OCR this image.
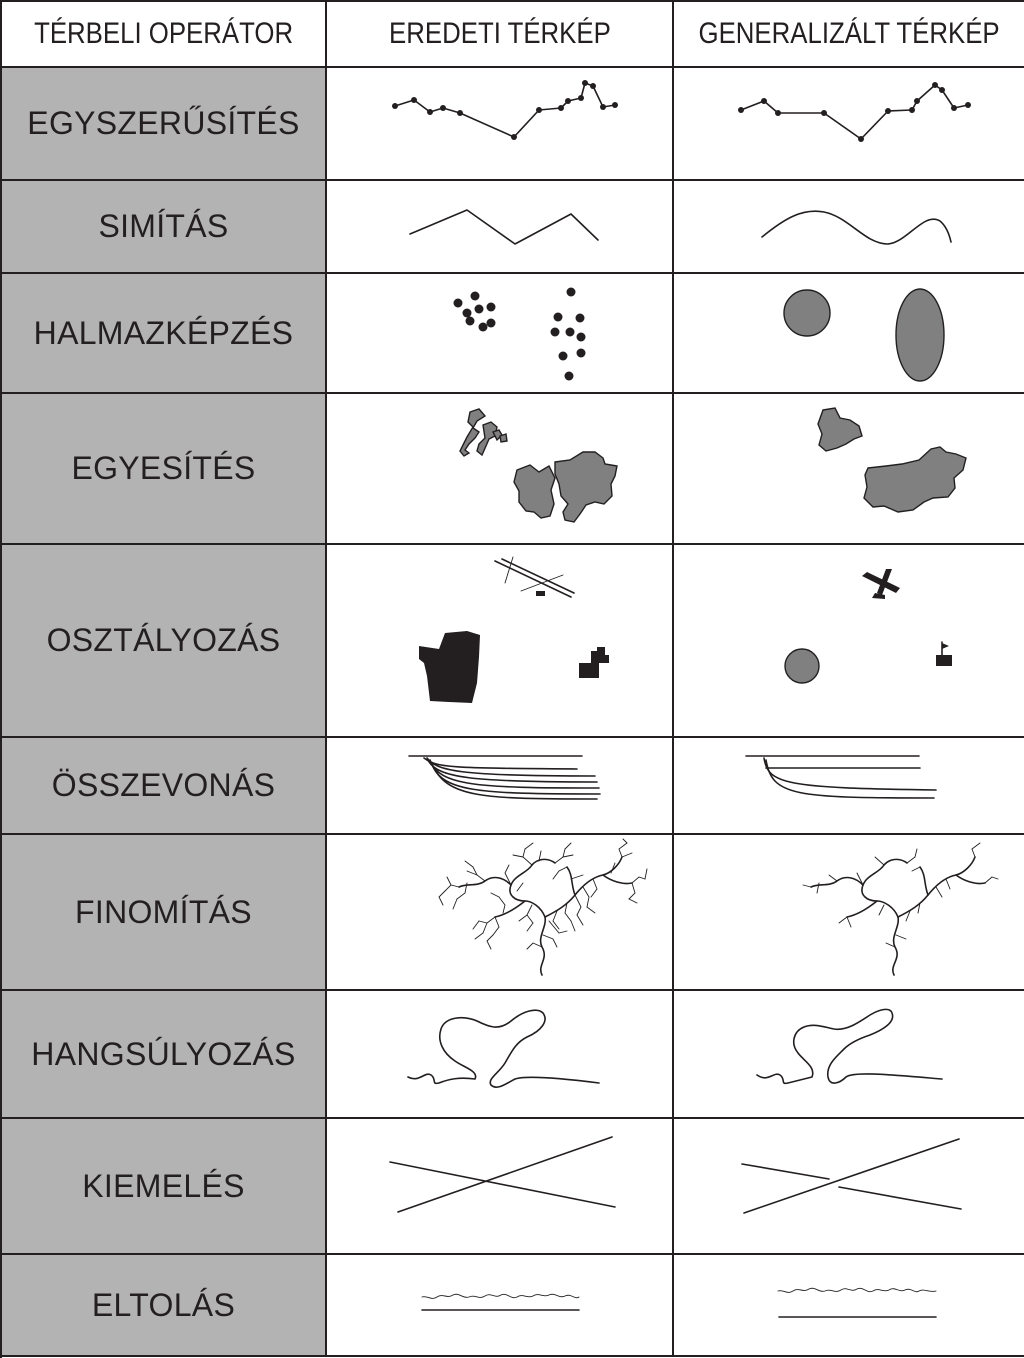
TÉRBELI OPERÁTOR	EREDETI TÉRKÉP	GENERALIZÁLT TÉRKÉP
EGYSZERŰSÍTÉS
SIMÍTÁS
HALMAZKÉPZÉS
EGYESÍTÉS
OSZTÁLYOZÁS
ÖSSZEVONÁS
FINOMÍTÁS
HANGSÚLYOZÁS
KIEMELÉS
ELTOLÁS
